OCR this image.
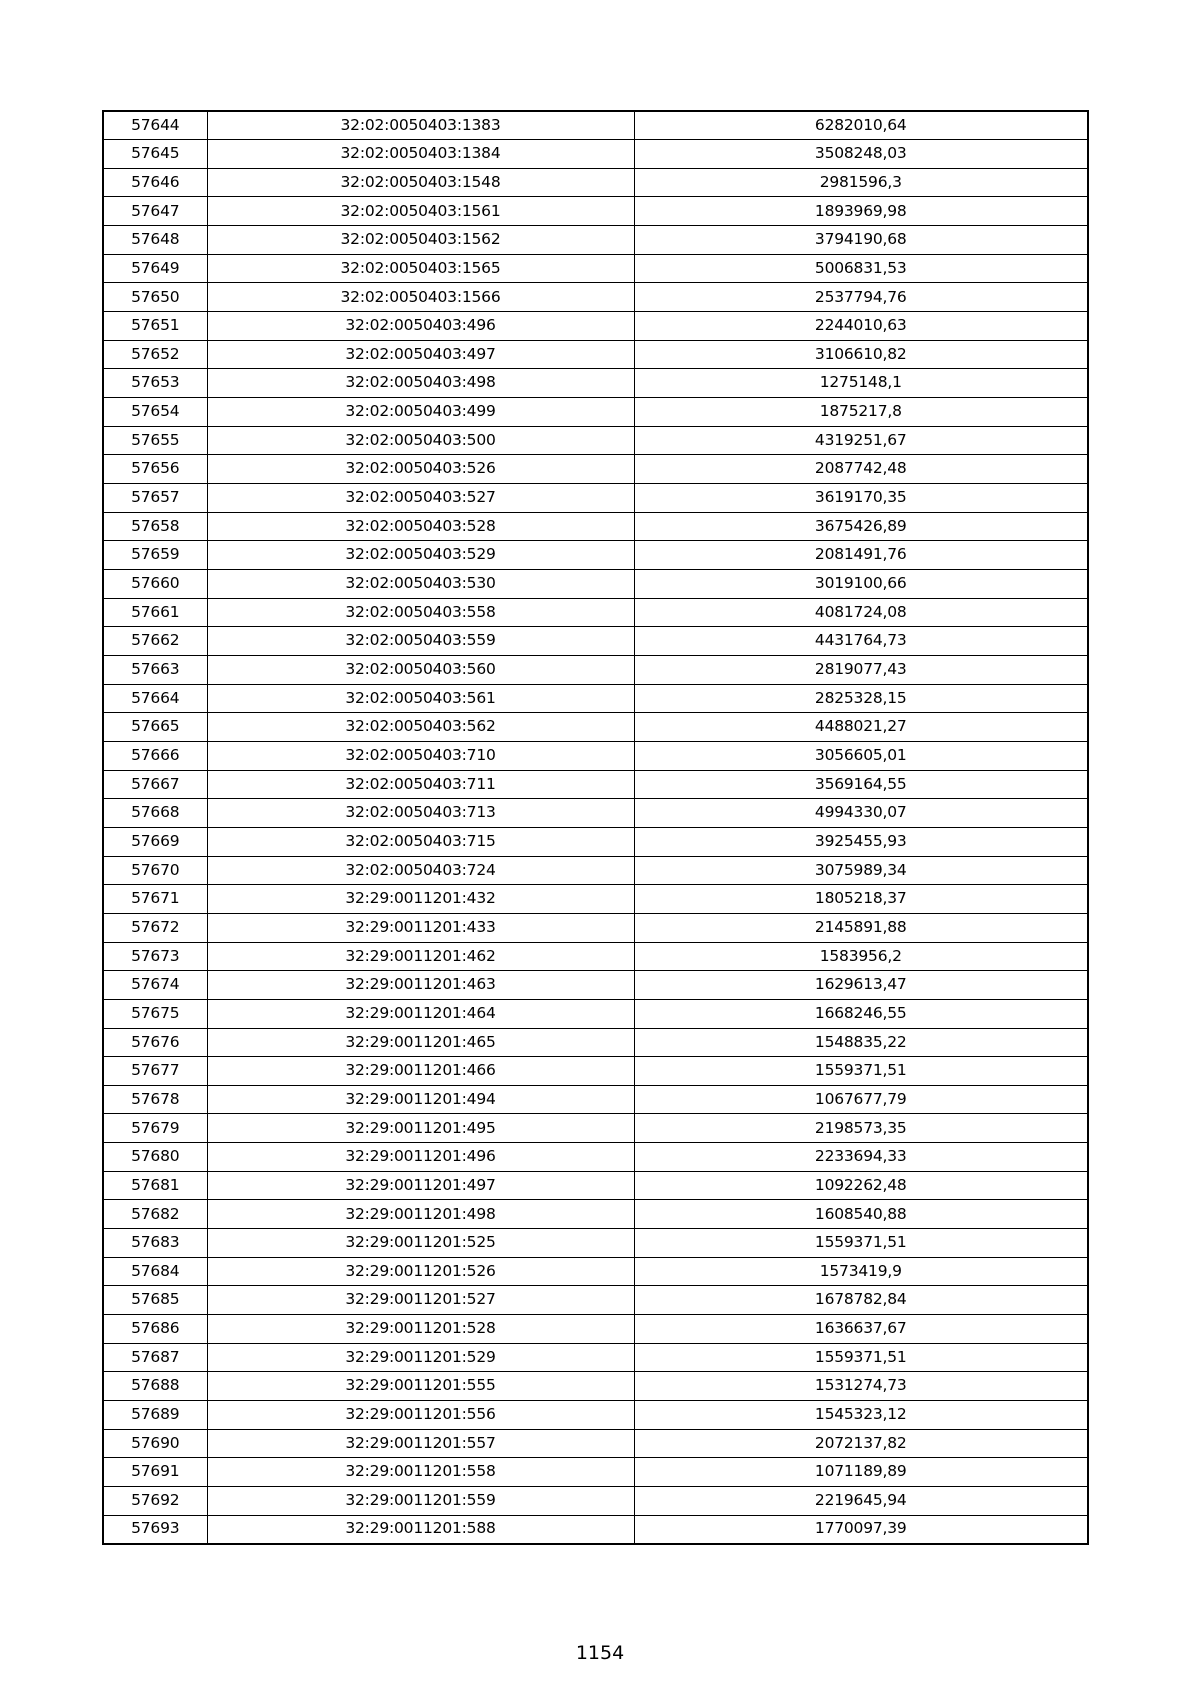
57644	32:02:0050403:1383	6282010,64
57645	32:02:0050403:1384	3508248,03
57646	32:02:0050403:1548	2981596,3
57647	32:02:0050403:1561	1893969,98
57648	32:02:0050403:1562	3794190,68
57649	32:02:0050403:1565	5006831,53
57650	32:02:0050403:1566	2537794,76
57651	32:02:0050403:496	2244010,63
57652	32:02:0050403:497	3106610,82
57653	32:02:0050403:498	1275148,1
57654	32:02:0050403:499	1875217,8
57655	32:02:0050403:500	4319251,67
57656	32:02:0050403:526	2087742,48
57657	32:02:0050403:527	3619170,35
57658	32:02:0050403:528	3675426,89
57659	32:02:0050403:529	2081491,76
57660	32:02:0050403:530	3019100,66
57661	32:02:0050403:558	4081724,08
57662	32:02:0050403:559	4431764,73
57663	32:02:0050403:560	2819077,43
57664	32:02:0050403:561	2825328,15
57665	32:02:0050403:562	4488021,27
57666	32:02:0050403:710	3056605,01
57667	32:02:0050403:711	3569164,55
57668	32:02:0050403:713	4994330,07
57669	32:02:0050403:715	3925455,93
57670	32:02:0050403:724	3075989,34
57671	32:29:0011201:432	1805218,37
57672	32:29:0011201:433	2145891,88
57673	32:29:0011201:462	1583956,2
57674	32:29:0011201:463	1629613,47
57675	32:29:0011201:464	1668246,55
57676	32:29:0011201:465	1548835,22
57677	32:29:0011201:466	1559371,51
57678	32:29:0011201:494	1067677,79
57679	32:29:0011201:495	2198573,35
57680	32:29:0011201:496	2233694,33
57681	32:29:0011201:497	1092262,48
57682	32:29:0011201:498	1608540,88
57683	32:29:0011201:525	1559371,51
57684	32:29:0011201:526	1573419,9
57685	32:29:0011201:527	1678782,84
57686	32:29:0011201:528	1636637,67
57687	32:29:0011201:529	1559371,51
57688	32:29:0011201:555	1531274,73
57689	32:29:0011201:556	1545323,12
57690	32:29:0011201:557	2072137,82
57691	32:29:0011201:558	1071189,89
57692	32:29:0011201:559	2219645,94
57693	32:29:0011201:588	1770097,39
1154
